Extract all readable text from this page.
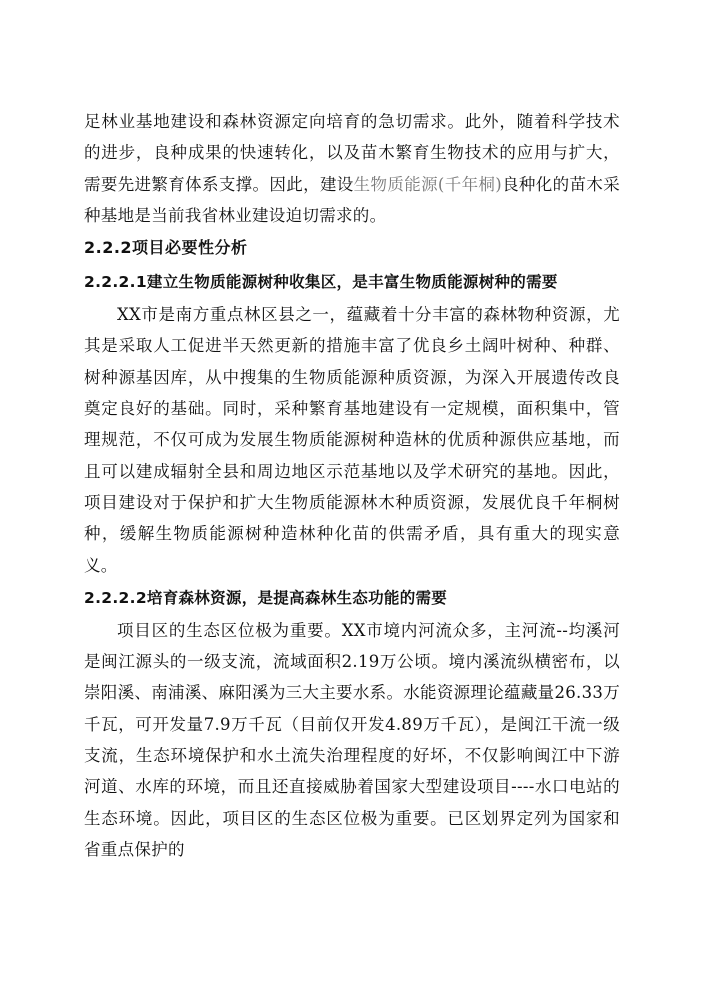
足林业基地建设和森林资源定向培育的急切需求。此外，随着科学技术的进步，良种成果的快速转化，以及苗木繁育生物技术的应用与扩大，需要先进繁育体系支撑。因此，建设生物质能源(千年桐)良种化的苗木采种基地是当前我省林业建设迫切需求的。

2.2.2项目必要性分析

2.2.2.1建立生物质能源树种收集区，是丰富生物质能源树种的需要

XX市是南方重点林区县之一，蕴藏着十分丰富的森林物种资源，尤其是采取人工促进半天然更新的措施丰富了优良乡土阔叶树种、种群、树种源基因库，从中搜集的生物质能源种质资源，为深入开展遗传改良奠定良好的基础。同时，采种繁育基地建设有一定规模，面积集中，管理规范，不仅可成为发展生物质能源树种造林的优质种源供应基地，而且可以建成辐射全县和周边地区示范基地以及学术研究的基地。因此，项目建设对于保护和扩大生物质能源林木种质资源，发展优良千年桐树种，缓解生物质能源树种造林种化苗的供需矛盾，具有重大的现实意义。

2.2.2.2培育森林资源，是提高森林生态功能的需要

项目区的生态区位极为重要。XX市境内河流众多，主河流--均溪河是闽江源头的一级支流，流域面积2.19万公顷。境内溪流纵横密布，以崇阳溪、南浦溪、麻阳溪为三大主要水系。水能资源理论蕴藏量26.33万千瓦，可开发量7.9万千瓦（目前仅开发4.89万千瓦），是闽江干流一级支流，生态环境保护和水土流失治理程度的好坏，不仅影响闽江中下游河道、水库的环境，而且还直接威胁着国家大型建设项目----水口电站的生态环境。因此，项目区的生态区位极为重要。已区划界定列为国家和省重点保护的
